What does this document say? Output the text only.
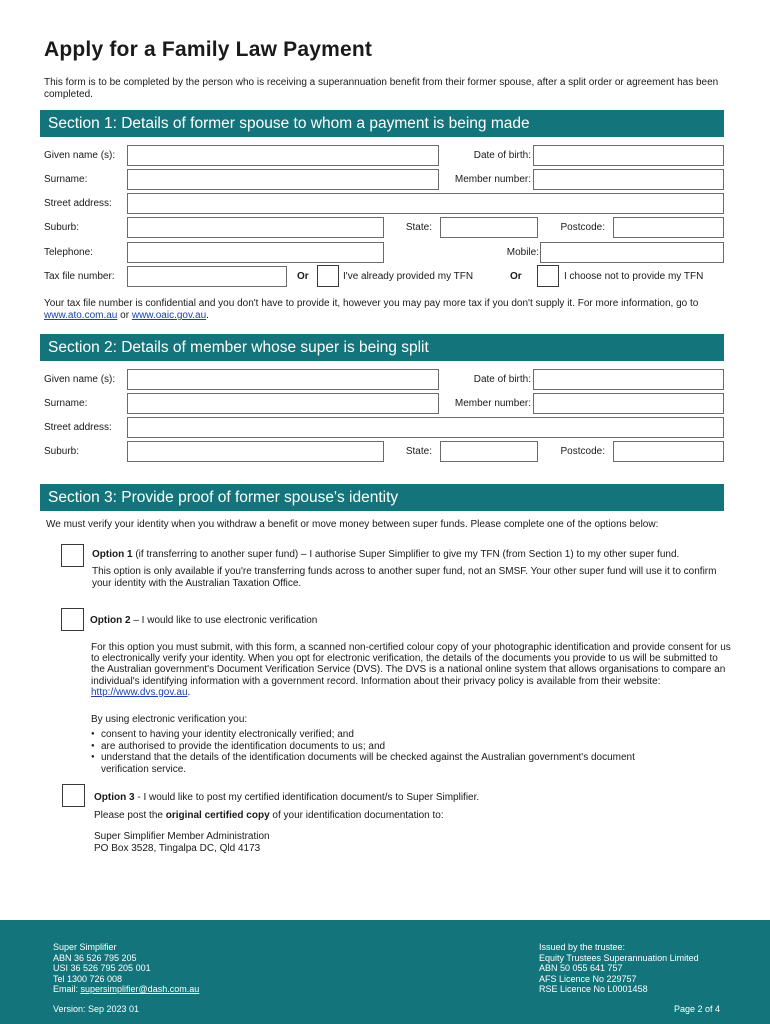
Apply for a Family Law Payment

This form is to be completed by the person who is receiving a superannuation benefit from their former spouse, after a split order or agreement has been completed.

Section 1: Details of former spouse to whom a payment is being made
Given name (s):	Date of birth:
Surname:	Member number:
Street address:
Suburb:	State:	Postcode:
Telephone:	Mobile:
Tax file number:	Or	I've already provided my TFN	Or	I choose not to provide my TFN

Your tax file number is confidential and you don't have to provide it, however you may pay more tax if you don't supply it. For more information, go to www.ato.com.au or www.oaic.gov.au.

Section 2: Details of member whose super is being split
Given name (s):	Date of birth:
Surname:	Member number:
Street address:
Suburb:	State:	Postcode:
Section 3: Provide proof of former spouse's identity

We must verify your identity when you withdraw a benefit or move money between super funds. Please complete one of the options below:

Option 1 (if transferring to another super fund) – I authorise Super Simplifier to give my TFN (from Section 1) to my other super fund.

This option is only available if you're transferring funds across to another super fund, not an SMSF. Your other super fund will use it to confirm your identity with the Australian Taxation Office.

Option 2 – I would like to use electronic verification

For this option you must submit, with this form, a scanned non-certified colour copy of your photographic identification and provide consent for us to electronically verify your identity. When you opt for electronic verification, the details of the documents you provide to us will be submitted to the Australian government's Document Verification Service (DVS). The DVS is a national online system that allows organisations to compare an individual's identifying information with a government record. Information about their privacy policy is available from their website: http://www.dvs.gov.au.

By using electronic verification you:

● consent to having your identity electronically verified; and
● are authorised to provide the identification documents to us; and
● understand that the details of the identification documents will be checked against the Australian government's document verification service.

Option 3 - I would like to post my certified identification document/s to Super Simplifier.

Please post the original certified copy of your identification documentation to:

Super Simplifier Member Administration

PO Box 3528, Tingalpa DC, Qld 4173

Super Simplifier
ABN 36 526 795 205
USI 36 526 795 205 001
Tel 1300 726 008
Email: supersimplifier@dash.com.au
Issued by the trustee:
Equity Trustees Superannuation Limited
ABN 50 055 641 757
AFS Licence No 229757
RSE Licence No L0001458
Version: Sep 2023 01	Page 2 of 4
